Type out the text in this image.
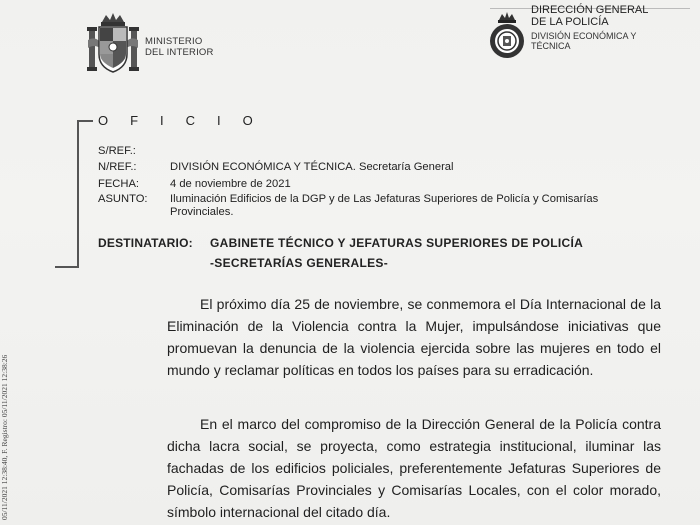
MINISTERIO
DEL INTERIOR
DIRECCIÓN GENERAL
DE LA POLICÍA
DIVISIÓN ECONÓMICA Y
TÉCNICA
OFICIO
S/REF.:
N/REF.:	DIVISIÓN ECONÓMICA Y TÉCNICA. Secretaría General
FECHA:	4 de noviembre de 2021
ASUNTO: Iluminación Edificios de la DGP y de Las Jefaturas Superiores de Policía y Comisarías
Provinciales.
DESTINATARIO: GABINETE TÉCNICO Y JEFATURAS SUPERIORES DE POLICÍA
-SECRETARÍAS GENERALES-
El próximo día 25 de noviembre, se conmemora el Día Internacional de la Eliminación de la Violencia contra la Mujer, impulsándose iniciativas que promuevan la denuncia de la violencia ejercida sobre las mujeres en todo el mundo y reclamar políticas en todos los países para su erradicación.
En el marco del compromiso de la Dirección General de la Policía contra dicha lacra social, se proyecta, como estrategia institucional, iluminar las fachadas de los edificios policiales, preferentemente Jefaturas Superiores de Policía, Comisarías Provinciales y Comisarías Locales, con el color morado, símbolo internacional del citado día.
05/11/2021 12:38:40, F. Registro: 05/11/2021 12:38:26
